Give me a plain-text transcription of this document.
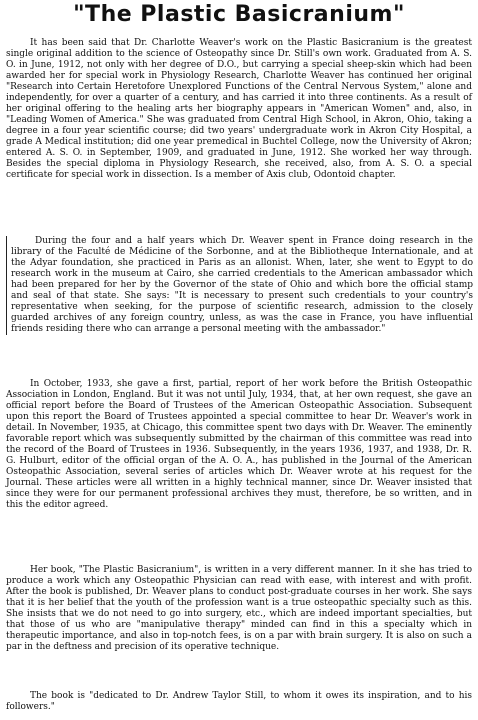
"The Plastic Basicranium"

It has been said that Dr. Charlotte Weaver's work on the Plastic Basicranium is the greatest single original addition to the science of Osteopathy since Dr. Still's own work. Graduated from A. S. O. in June, 1912, not only with her degree of D.O., but carrying a special sheep-skin which had been awarded her for special work in Physiology Research, Charlotte Weaver has continued her original "Research into Certain Heretofore Unexplored Functions of the Central Nervous System," alone and independently, for over a quarter of a century, and has carried it into three continents. As a result of her original offering to the healing arts her biography appears in "American Women" and, also, in "Leading Women of America." She was graduated from Central High School, in Akron, Ohio, taking a degree in a four year scientific course; did two years' undergraduate work in Akron City Hospital, a grade A Medical institution; did one year premedical in Buchtel College, now the University of Akron; entered A. S. O. in September, 1909, and graduated in June, 1912. She worked her way through. Besides the special diploma in Physiology Research, she received, also, from A. S. O. a special certificate for special work in dissection. Is a member of Axis club, Odontoid chapter.

During the four and a half years which Dr. Weaver spent in France doing research in the library of the Faculté de Médicine of the Sorbonne, and at the Bibliotheque Internationale, and at the Adyar foundation, she practiced in Paris as an allonist. When, later, she went to Egypt to do research work in the museum at Cairo, she carried credentials to the American ambassador which had been prepared for her by the Governor of the state of Ohio and which bore the official stamp and seal of that state. She says: "It is necessary to present such credentials to your country's representative when seeking, for the purpose of scientific research, admission to the closely guarded archives of any foreign country, unless, as was the case in France, you have influential friends residing there who can arrange a personal meeting with the ambassador."

In October, 1933, she gave a first, partial, report of her work before the British Osteopathic Association in London, England. But it was not until July, 1934, that, at her own request, she gave an official report before the Board of Trustees of the American Osteopathic Association. Subsequent upon this report the Board of Trustees appointed a special committee to hear Dr. Weaver's work in detail. In November, 1935, at Chicago, this committee spent two days with Dr. Weaver. The eminently favorable report which was subsequently submitted by the chairman of this committee was read into the record of the Board of Trustees in 1936. Subsequently, in the years 1936, 1937, and 1938, Dr. R. G. Hulburt, editor of the official organ of the A. O. A., has published in the Journal of the American Osteopathic Association, several series of articles which Dr. Weaver wrote at his request for the Journal. These articles were all written in a highly technical manner, since Dr. Weaver insisted that since they were for our permanent professional archives they must, therefore, be so written, and in this the editor agreed.

Her book, "The Plastic Basicranium", is written in a very different manner. In it she has tried to produce a work which any Osteopathic Physician can read with ease, with interest and with profit. After the book is published, Dr. Weaver plans to conduct post-graduate courses in her work. She says that it is her belief that the youth of the profession want is a true osteopathic specialty such as this. She insists that we do not need to go into surgery, etc., which are indeed important specialties, but that those of us who are "manipulative therapy" minded can find in this a specialty which in therapeutic importance, and also in top-notch fees, is on a par with brain surgery. It is also on such a par in the deftness and precision of its operative technique.

The book is "dedicated to Dr. Andrew Taylor Still, to whom it owes its inspiration, and to his followers."
